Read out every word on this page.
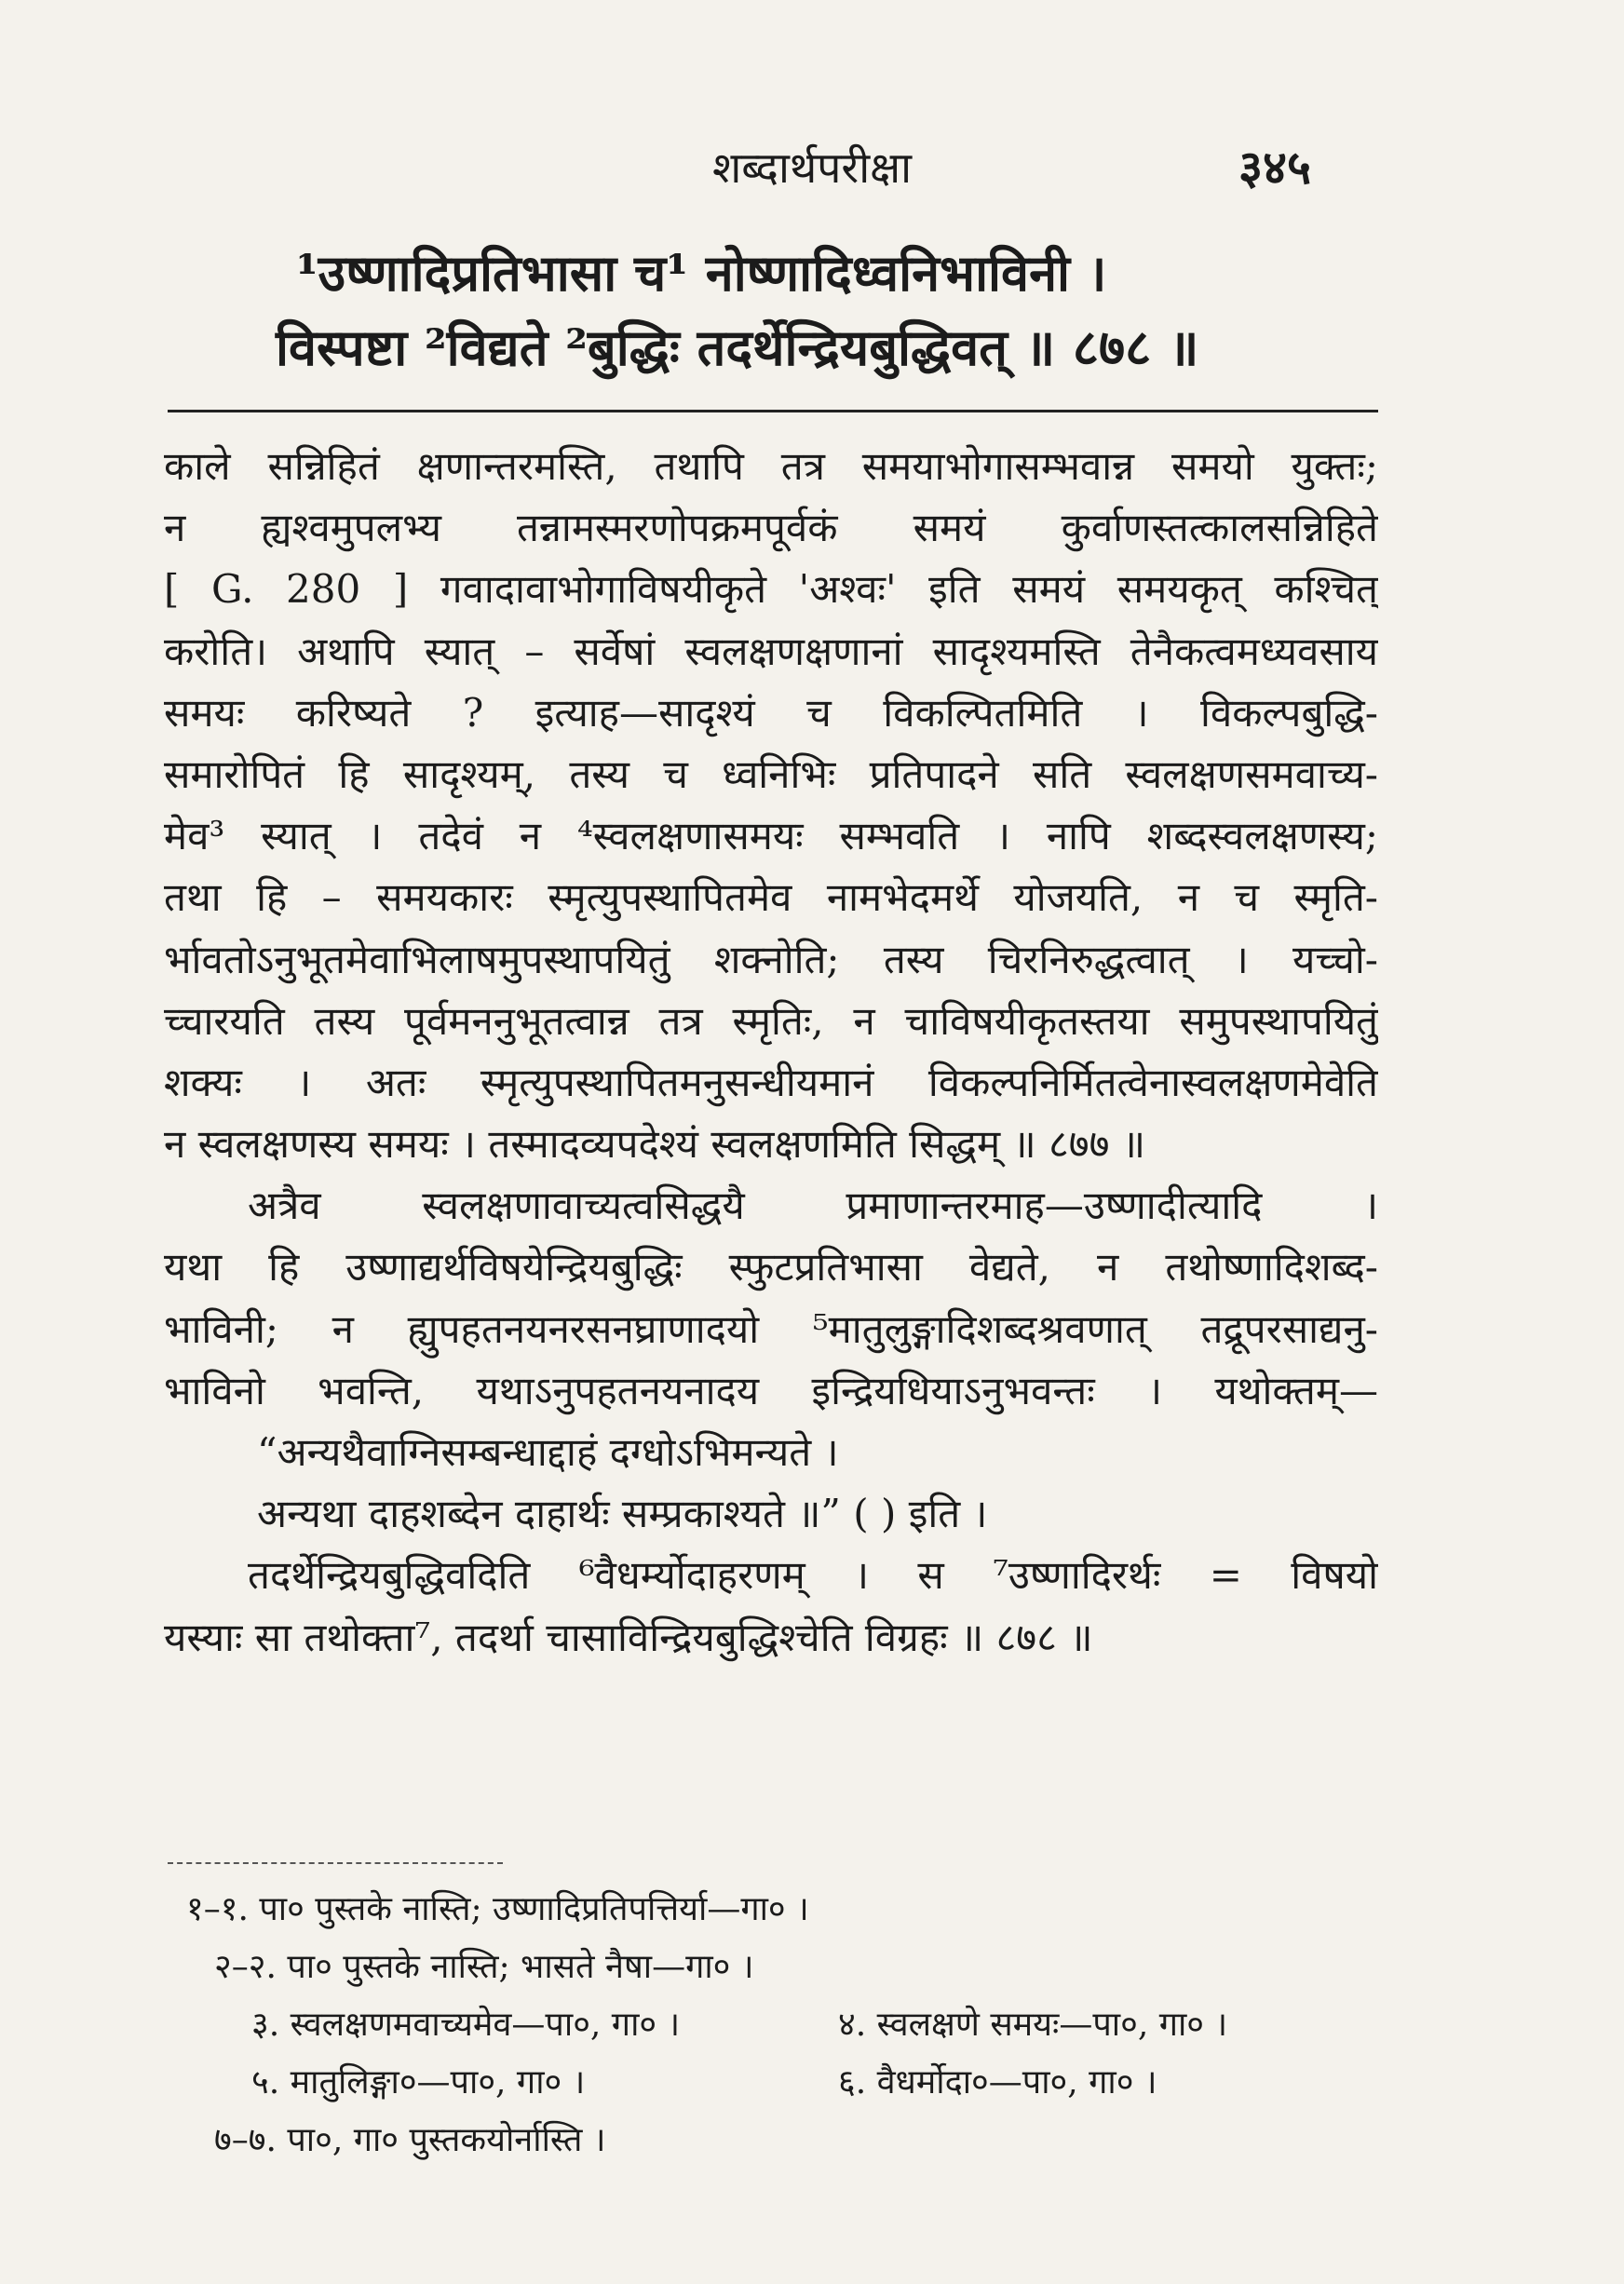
शब्दार्थपरीक्षा	३४५
¹उष्णादिप्रतिभासा च¹ नोष्णादिध्वनिभाविनी ।
विस्पष्टा ²विद्यते ²बुद्धिः तदर्थेन्द्रियबुद्धिवत् ॥ ८७८ ॥
काले सन्निहितं क्षणान्तरमस्ति, तथापि तत्र समयाभोगासम्भवान्न समयो युक्तः;
न ह्यश्वमुपलभ्य तन्नामस्मरणोपक्रमपूर्वकं समयं कुर्वाणस्तत्कालसन्निहिते
[ G. 280 ] गवादावाभोगाविषयीकृते 'अश्वः' इति समयं समयकृत् कश्चित्
करोति। अथापि स्यात् – सर्वेषां स्वलक्षणक्षणानां सादृश्यमस्ति तेनैकत्वमध्यवसाय
समयः करिष्यते ? इत्याह—सादृश्यं च विकल्पितमिति । विकल्पबुद्धि-
समारोपितं हि सादृश्यम्, तस्य च ध्वनिभिः प्रतिपादने सति स्वलक्षणसमवाच्य-
मेव³ स्यात् । तदेवं न ⁴स्वलक्षणासमयः सम्भवति । नापि शब्दस्वलक्षणस्य;
तथा हि – समयकारः स्मृत्युपस्थापितमेव नामभेदमर्थे योजयति, न च स्मृति-
र्भावतोऽनुभूतमेवाभिलाषमुपस्थापयितुं शक्नोति; तस्य चिरनिरुद्धत्वात् । यच्चो-
च्चारयति तस्य पूर्वमननुभूतत्वान्न तत्र स्मृतिः, न चाविषयीकृतस्तया समुपस्थापयितुं
शक्यः । अतः स्मृत्युपस्थापितमनुसन्धीयमानं विकल्पनिर्मितत्वेनास्वलक्षणमेवेति
न स्वलक्षणस्य समयः । तस्मादव्यपदेश्यं स्वलक्षणमिति सिद्धम् ॥ ८७७ ॥
अत्रैव स्वलक्षणावाच्यत्वसिद्धयै प्रमाणान्तरमाह—उष्णादीत्यादि ।
यथा हि उष्णाद्यर्थविषयेन्द्रियबुद्धिः स्फुटप्रतिभासा वेद्यते, न तथोष्णादिशब्द-
भाविनी; न ह्युपहतनयनरसनघ्राणादयो ⁵मातुलुङ्गादिशब्दश्रवणात् तद्रूपरसाद्यनु-
भाविनो भवन्ति, यथाऽनुपहतनयनादय इन्द्रियधियाऽनुभवन्तः । यथोक्तम्—
“अन्यथैवाग्निसम्बन्धाद्दाहं दग्धोऽभिमन्यते ।
अन्यथा दाहशब्देन दाहार्थः सम्प्रकाश्यते ॥” ( ) इति ।
तदर्थेन्द्रियबुद्धिवदिति ⁶वैधर्म्योदाहरणम् । स ⁷उष्णादिरर्थः = विषयो
यस्याः सा तथोक्ता⁷, तदर्था चासाविन्द्रियबुद्धिश्चेति विग्रहः ॥ ८७८ ॥
१–१. पा० पुस्तके नास्ति; उष्णादिप्रतिपत्तिर्या—गा० ।
२–२. पा० पुस्तके नास्ति; भासते नैषा—गा० ।
३. स्वलक्षणमवाच्यमेव—पा०, गा० ।	४. स्वलक्षणे समयः—पा०, गा० ।
५. मातुलिङ्गा०—पा०, गा० ।	६. वैधर्मोदा०—पा०, गा० ।
७–७. पा०, गा० पुस्तकयोर्नास्ति ।
